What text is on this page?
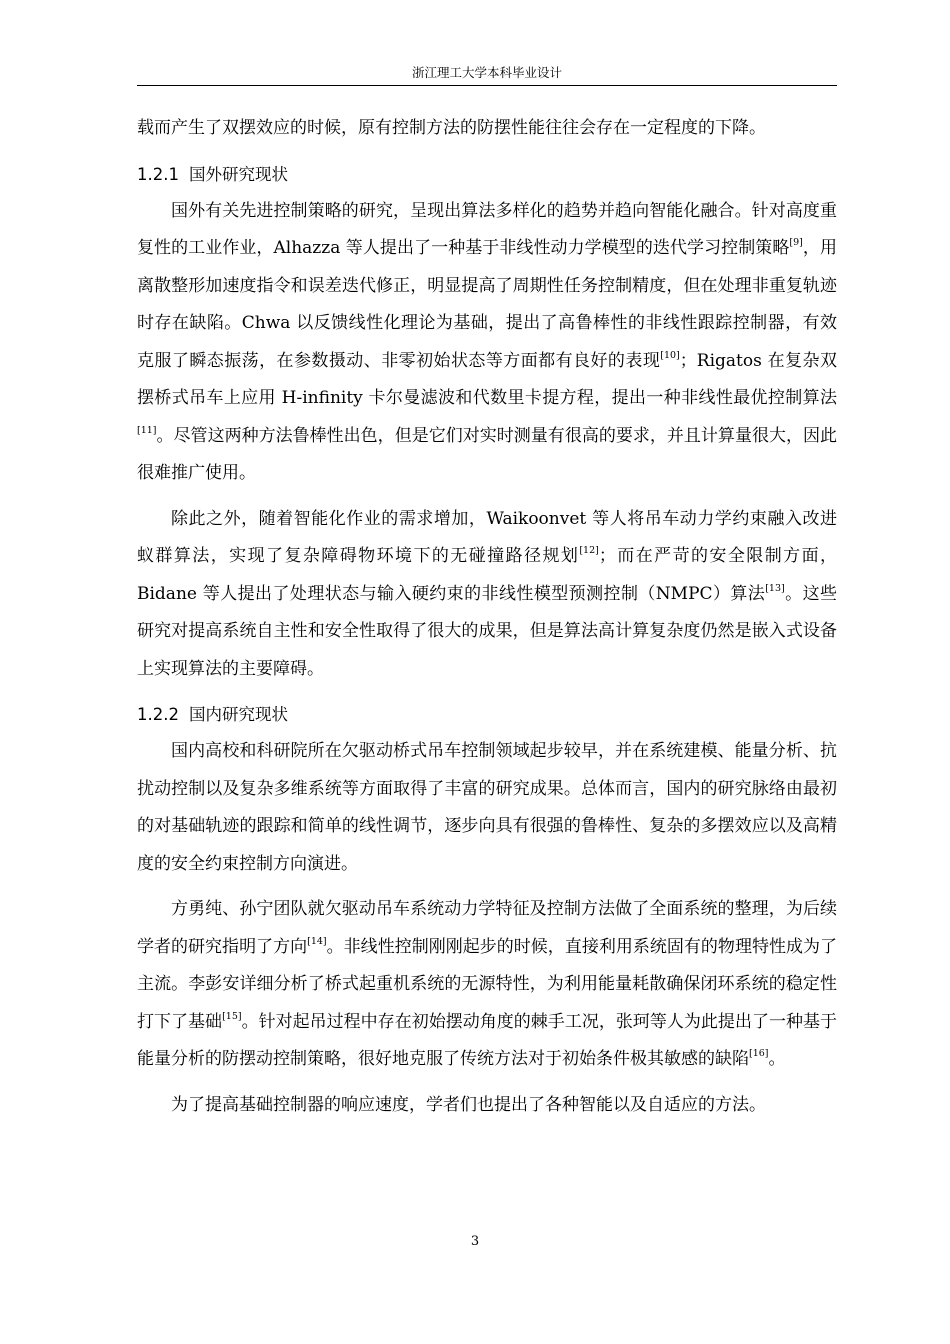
浙江理工大学本科毕业设计

载而产生了双摆效应的时候，原有控制方法的防摆性能往往会存在一定程度的下降。

1.2.1 国外研究现状

国外有关先进控制策略的研究，呈现出算法多样化的趋势并趋向智能化融合。针对高度重复性的工业作业，Alhazza 等人提出了一种基于非线性动力学模型的迭代学习控制策略[9]，用离散整形加速度指令和误差迭代修正，明显提高了周期性任务控制精度，但在处理非重复轨迹时存在缺陷。Chwa 以反馈线性化理论为基础，提出了高鲁棒性的非线性跟踪控制器，有效克服了瞬态振荡，在参数摄动、非零初始状态等方面都有良好的表现[10]；Rigatos 在复杂双摆桥式吊车上应用 H-infinity 卡尔曼滤波和代数里卡提方程，提出一种非线性最优控制算法[11]。尽管这两种方法鲁棒性出色，但是它们对实时测量有很高的要求，并且计算量很大，因此很难推广使用。

除此之外，随着智能化作业的需求增加，Waikoonvet 等人将吊车动力学约束融入改进蚁群算法，实现了复杂障碍物环境下的无碰撞路径规划[12]；而在严苛的安全限制方面，Bidane 等人提出了处理状态与输入硬约束的非线性模型预测控制（NMPC）算法[13]。这些研究对提高系统自主性和安全性取得了很大的成果，但是算法高计算复杂度仍然是嵌入式设备上实现算法的主要障碍。

1.2.2 国内研究现状

国内高校和科研院所在欠驱动桥式吊车控制领域起步较早，并在系统建模、能量分析、抗扰动控制以及复杂多维系统等方面取得了丰富的研究成果。总体而言，国内的研究脉络由最初的对基础轨迹的跟踪和简单的线性调节，逐步向具有很强的鲁棒性、复杂的多摆效应以及高精度的安全约束控制方向演进。

方勇纯、孙宁团队就欠驱动吊车系统动力学特征及控制方法做了全面系统的整理，为后续学者的研究指明了方向[14]。非线性控制刚刚起步的时候，直接利用系统固有的物理特性成为了主流。李彭安详细分析了桥式起重机系统的无源特性，为利用能量耗散确保闭环系统的稳定性打下了基础[15]。针对起吊过程中存在初始摆动角度的棘手工况，张珂等人为此提出了一种基于能量分析的防摆动控制策略，很好地克服了传统方法对于初始条件极其敏感的缺陷[16]。

为了提高基础控制器的响应速度，学者们也提出了各种智能以及自适应的方法。

3
